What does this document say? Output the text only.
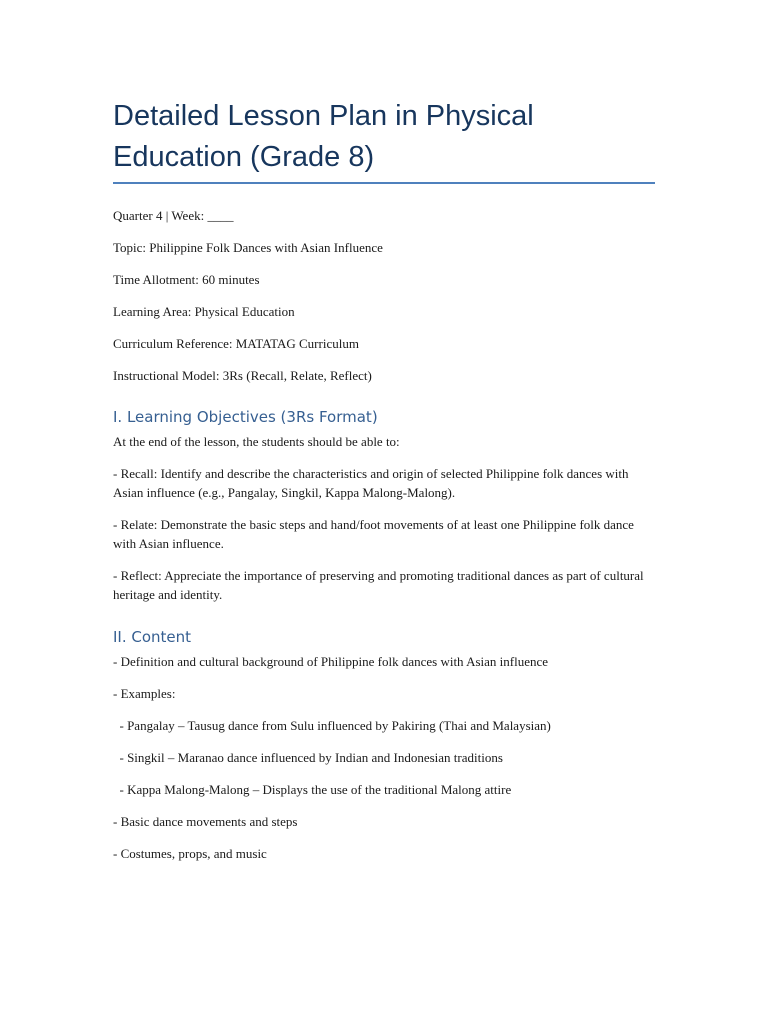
Detailed Lesson Plan in Physical Education (Grade 8)

Quarter 4 | Week: ____

Topic: Philippine Folk Dances with Asian Influence

Time Allotment: 60 minutes

Learning Area: Physical Education

Curriculum Reference: MATATAG Curriculum

Instructional Model: 3Rs (Recall, Relate, Reflect)

I. Learning Objectives (3Rs Format)

At the end of the lesson, the students should be able to:

- Recall: Identify and describe the characteristics and origin of selected Philippine folk dances with Asian influence (e.g., Pangalay, Singkil, Kappa Malong-Malong).

- Relate: Demonstrate the basic steps and hand/foot movements of at least one Philippine folk dance with Asian influence.

- Reflect: Appreciate the importance of preserving and promoting traditional dances as part of cultural heritage and identity.

II. Content

- Definition and cultural background of Philippine folk dances with Asian influence

- Examples:

- Pangalay – Tausug dance from Sulu influenced by Pakiring (Thai and Malaysian)

- Singkil – Maranao dance influenced by Indian and Indonesian traditions

- Kappa Malong-Malong – Displays the use of the traditional Malong attire

- Basic dance movements and steps

- Costumes, props, and music
